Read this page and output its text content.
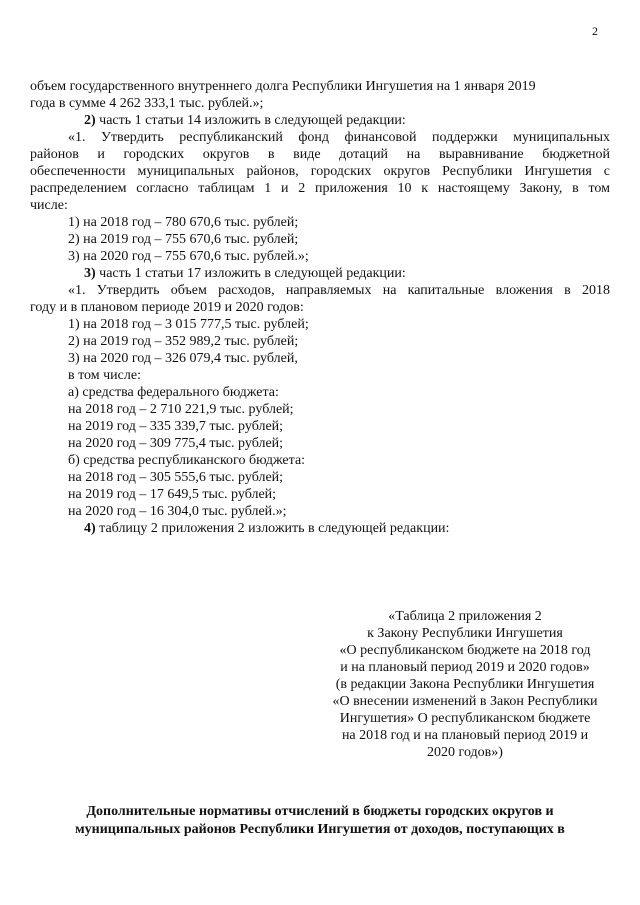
2
объем государственного внутреннего долга Республики Ингушетия на 1 января 2019
года в сумме 4 262 333,1 тыс. рублей.»;
2) часть 1 статьи 14 изложить в следующей редакции:
«1. Утвердить республиканский фонд финансовой поддержки муниципальных
районов и городских округов в виде дотаций на выравнивание бюджетной
обеспеченности муниципальных районов, городских округов Республики Ингушетия с
распределением согласно таблицам 1 и 2 приложения 10 к настоящему Закону, в том
числе:
1) на 2018 год – 780 670,6 тыс. рублей;
2) на 2019 год – 755 670,6 тыс. рублей;
3) на 2020 год – 755 670,6 тыс. рублей.»;
3) часть 1 статьи 17 изложить в следующей редакции:
«1. Утвердить объем расходов, направляемых на капитальные вложения в 2018
году и в плановом периоде 2019 и 2020 годов:
1) на 2018 год – 3 015 777,5 тыс. рублей;
2) на 2019 год – 352 989,2 тыс. рублей;
3) на 2020 год – 326 079,4 тыс. рублей,
в том числе:
а) средства федерального бюджета:
на 2018 год – 2 710 221,9 тыс. рублей;
на 2019 год – 335 339,7 тыс. рублей;
на 2020 год – 309 775,4 тыс. рублей;
б) средства республиканского бюджета:
на 2018 год – 305 555,6 тыс. рублей;
на 2019 год – 17 649,5 тыс. рублей;
на 2020 год – 16 304,0 тыс. рублей.»;
4) таблицу 2 приложения 2 изложить в следующей редакции:
«Таблица 2 приложения 2
к Закону Республики Ингушетия
«О республиканском бюджете на 2018 год
и на плановый период 2019 и 2020 годов»
(в редакции Закона Республики Ингушетия
«О внесении изменений в Закон Республики
Ингушетия» О республиканском бюджете
на 2018 год и на плановый период 2019 и
2020 годов»)
Дополнительные нормативы отчислений в бюджеты городских округов и
муниципальных районов Республики Ингушетия от доходов, поступающих в
